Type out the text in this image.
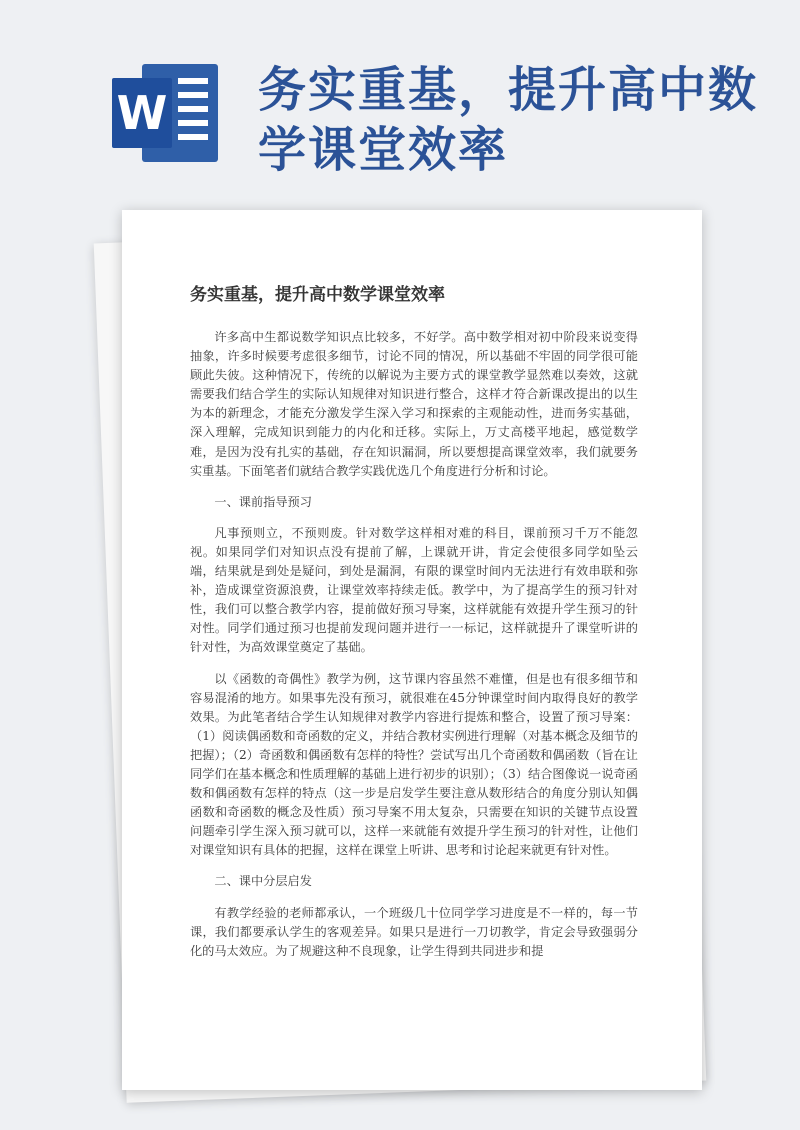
W 务实重基，提升高中数学课堂效率
务实重基，提升高中数学课堂效率

许多高中生都说数学知识点比较多，不好学。高中数学相对初中阶段来说变得抽象，许多时候要考虑很多细节，讨论不同的情况，所以基础不牢固的同学很可能顾此失彼。这种情况下，传统的以解说为主要方式的课堂教学显然难以奏效，这就需要我们结合学生的实际认知规律对知识进行整合，这样才符合新课改提出的以生为本的新理念，才能充分激发学生深入学习和探索的主观能动性，进而务实基础，深入理解，完成知识到能力的内化和迁移。实际上，万丈高楼平地起，感觉数学难，是因为没有扎实的基础，存在知识漏洞，所以要想提高课堂效率，我们就要务实重基。下面笔者们就结合教学实践优选几个角度进行分析和讨论。

一、课前指导预习

凡事预则立，不预则废。针对数学这样相对难的科目，课前预习千万不能忽视。如果同学们对知识点没有提前了解，上课就开讲，肯定会使很多同学如坠云端，结果就是到处是疑问，到处是漏洞，有限的课堂时间内无法进行有效串联和弥补，造成课堂资源浪费，让课堂效率持续走低。教学中，为了提高学生的预习针对性，我们可以整合教学内容，提前做好预习导案，这样就能有效提升学生预习的针对性。同学们通过预习也提前发现问题并进行一一标记，这样就提升了课堂听讲的针对性，为高效课堂奠定了基础。

以《函数的奇偶性》教学为例，这节课内容虽然不难懂，但是也有很多细节和容易混淆的地方。如果事先没有预习，就很难在45分钟课堂时间内取得良好的教学效果。为此笔者结合学生认知规律对教学内容进行提炼和整合，设置了预习导案：（1）阅读偶函数和奇函数的定义，并结合教材实例进行理解（对基本概念及细节的把握）；（2）奇函数和偶函数有怎样的特性？尝试写出几个奇函数和偶函数（旨在让同学们在基本概念和性质理解的基础上进行初步的识别）；（3）结合图像说一说奇函数和偶函数有怎样的特点（这一步是启发学生要注意从数形结合的角度分别认知偶函数和奇函数的概念及性质）预习导案不用太复杂，只需要在知识的关键节点设置问题牵引学生深入预习就可以，这样一来就能有效提升学生预习的针对性，让他们对课堂知识有具体的把握，这样在课堂上听讲、思考和讨论起来就更有针对性。

二、课中分层启发

有教学经验的老师都承认，一个班级几十位同学学习进度是不一样的，每一节课，我们都要承认学生的客观差异。如果只是进行一刀切教学，肯定会导致强弱分化的马太效应。为了规避这种不良现象，让学生得到共同进步和提
